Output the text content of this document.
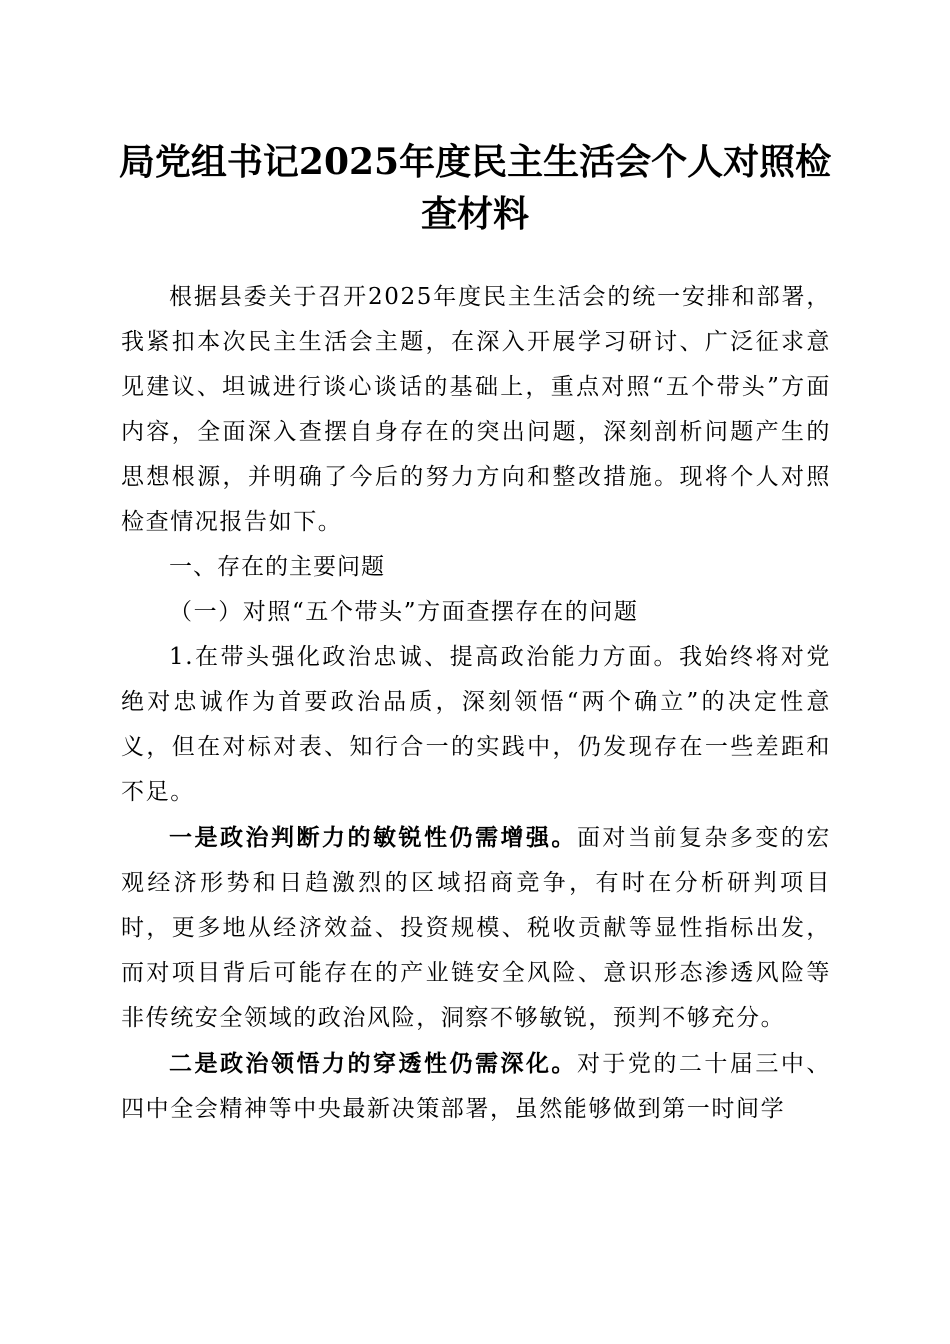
局党组书记2025年度民主生活会个人对照检
查材料

根据县委关于召开2025年度民主生活会的统一安排和部署，我紧扣本次民主生活会主题，在深入开展学习研讨、广泛征求意见建议、坦诚进行谈心谈话的基础上，重点对照“五个带头”方面内容，全面深入查摆自身存在的突出问题，深刻剖析问题产生的思想根源，并明确了今后的努力方向和整改措施。现将个人对照检查情况报告如下。

一、存在的主要问题

（一）对照“五个带头”方面查摆存在的问题

1.在带头强化政治忠诚、提高政治能力方面。我始终将对党绝对忠诚作为首要政治品质，深刻领悟“两个确立”的决定性意义，但在对标对表、知行合一的实践中，仍发现存在一些差距和不足。

一是政治判断力的敏锐性仍需增强。面对当前复杂多变的宏观经济形势和日趋激烈的区域招商竞争，有时在分析研判项目时，更多地从经济效益、投资规模、税收贡献等显性指标出发，而对项目背后可能存在的产业链安全风险、意识形态渗透风险等非传统安全领域的政治风险，洞察不够敏锐，预判不够充分。

二是政治领悟力的穿透性仍需深化。对于党的二十届三中、四中全会精神等中央最新决策部署，虽然能够做到第一时间学
